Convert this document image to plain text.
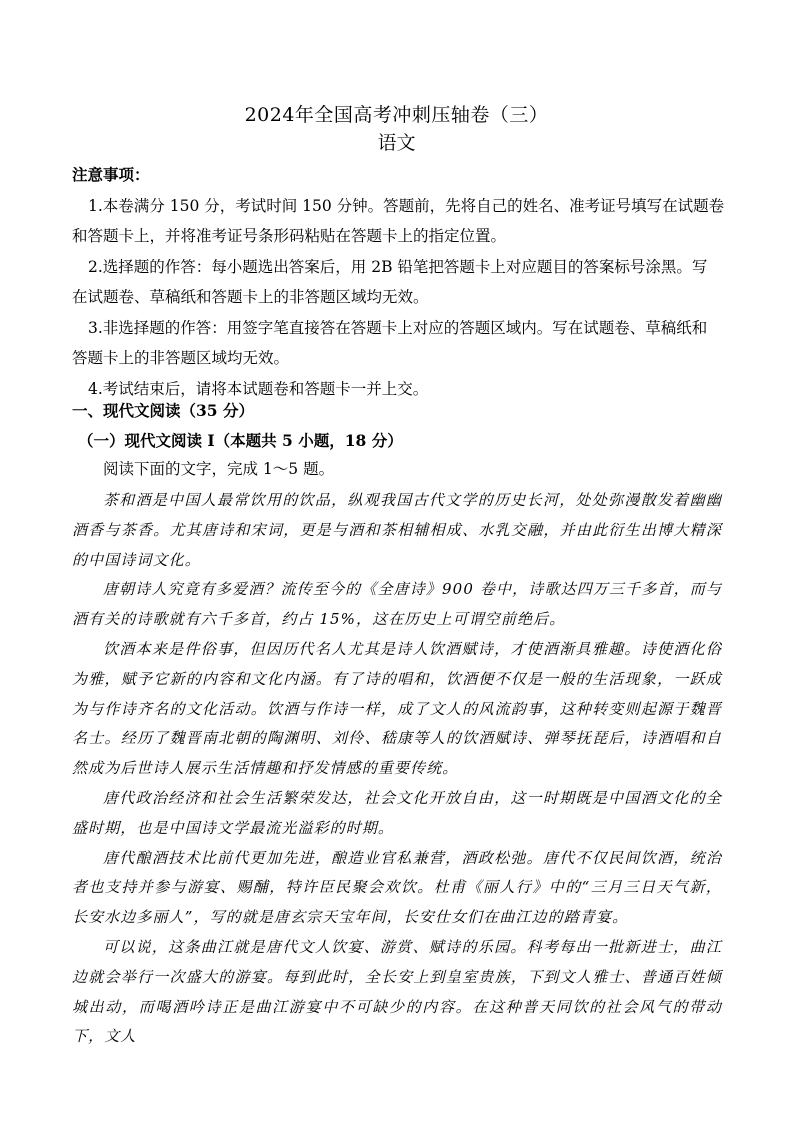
2024年全国高考冲刺压轴卷（三）
语文
注意事项：
1.本卷满分 150 分，考试时间 150 分钟。答题前，先将自己的姓名、准考证号填写在试题卷
和答题卡上，并将准考证号条形码粘贴在答题卡上的指定位置。
2.选择题的作答：每小题选出答案后，用 2B 铅笔把答题卡上对应题目的答案标号涂黑。写
在试题卷、草稿纸和答题卡上的非答题区域均无效。
3.非选择题的作答：用签字笔直接答在答题卡上对应的答题区域内。写在试题卷、草稿纸和
答题卡上的非答题区域均无效。
4.考试结束后，请将本试题卷和答题卡一并上交。
一、现代文阅读（35 分）
（一）现代文阅读 I（本题共 5 小题，18 分）
阅读下面的文字，完成 1～5 题。

茶和酒是中国人最常饮用的饮品，纵观我国古代文学的历史长河，处处弥漫散发着幽幽酒香与茶香。尤其唐诗和宋词，更是与酒和茶相辅相成、水乳交融，并由此衍生出博大精深的中国诗词文化。

唐朝诗人究竟有多爱酒？流传至今的《全唐诗》900 卷中，诗歌达四万三千多首，而与酒有关的诗歌就有六千多首，约占 15%，这在历史上可谓空前绝后。

饮酒本来是件俗事，但因历代名人尤其是诗人饮酒赋诗，才使酒渐具雅趣。诗使酒化俗为雅，赋予它新的内容和文化内涵。有了诗的唱和，饮酒便不仅是一般的生活现象，一跃成为与作诗齐名的文化活动。饮酒与作诗一样，成了文人的风流韵事，这种转变则起源于魏晋名士。经历了魏晋南北朝的陶渊明、刘伶、嵇康等人的饮酒赋诗、弹琴抚琵后，诗酒唱和自然成为后世诗人展示生活情趣和抒发情感的重要传统。

唐代政治经济和社会生活繁荣发达，社会文化开放自由，这一时期既是中国酒文化的全盛时期，也是中国诗文学最流光溢彩的时期。

唐代酿酒技术比前代更加先进，酿造业官私兼营，酒政松弛。唐代不仅民间饮酒，统治者也支持并参与游宴、赐酺，特许臣民聚会欢饮。杜甫《丽人行》中的“三月三日天气新，长安水边多丽人”，写的就是唐玄宗天宝年间，长安仕女们在曲江边的踏青宴。

可以说，这条曲江就是唐代文人饮宴、游赏、赋诗的乐园。科考每出一批新进士，曲江边就会举行一次盛大的游宴。每到此时，全长安上到皇室贵族，下到文人雅士、普通百姓倾城出动，而喝酒吟诗正是曲江游宴中不可缺少的内容。在这种普天同饮的社会风气的带动下，文人
